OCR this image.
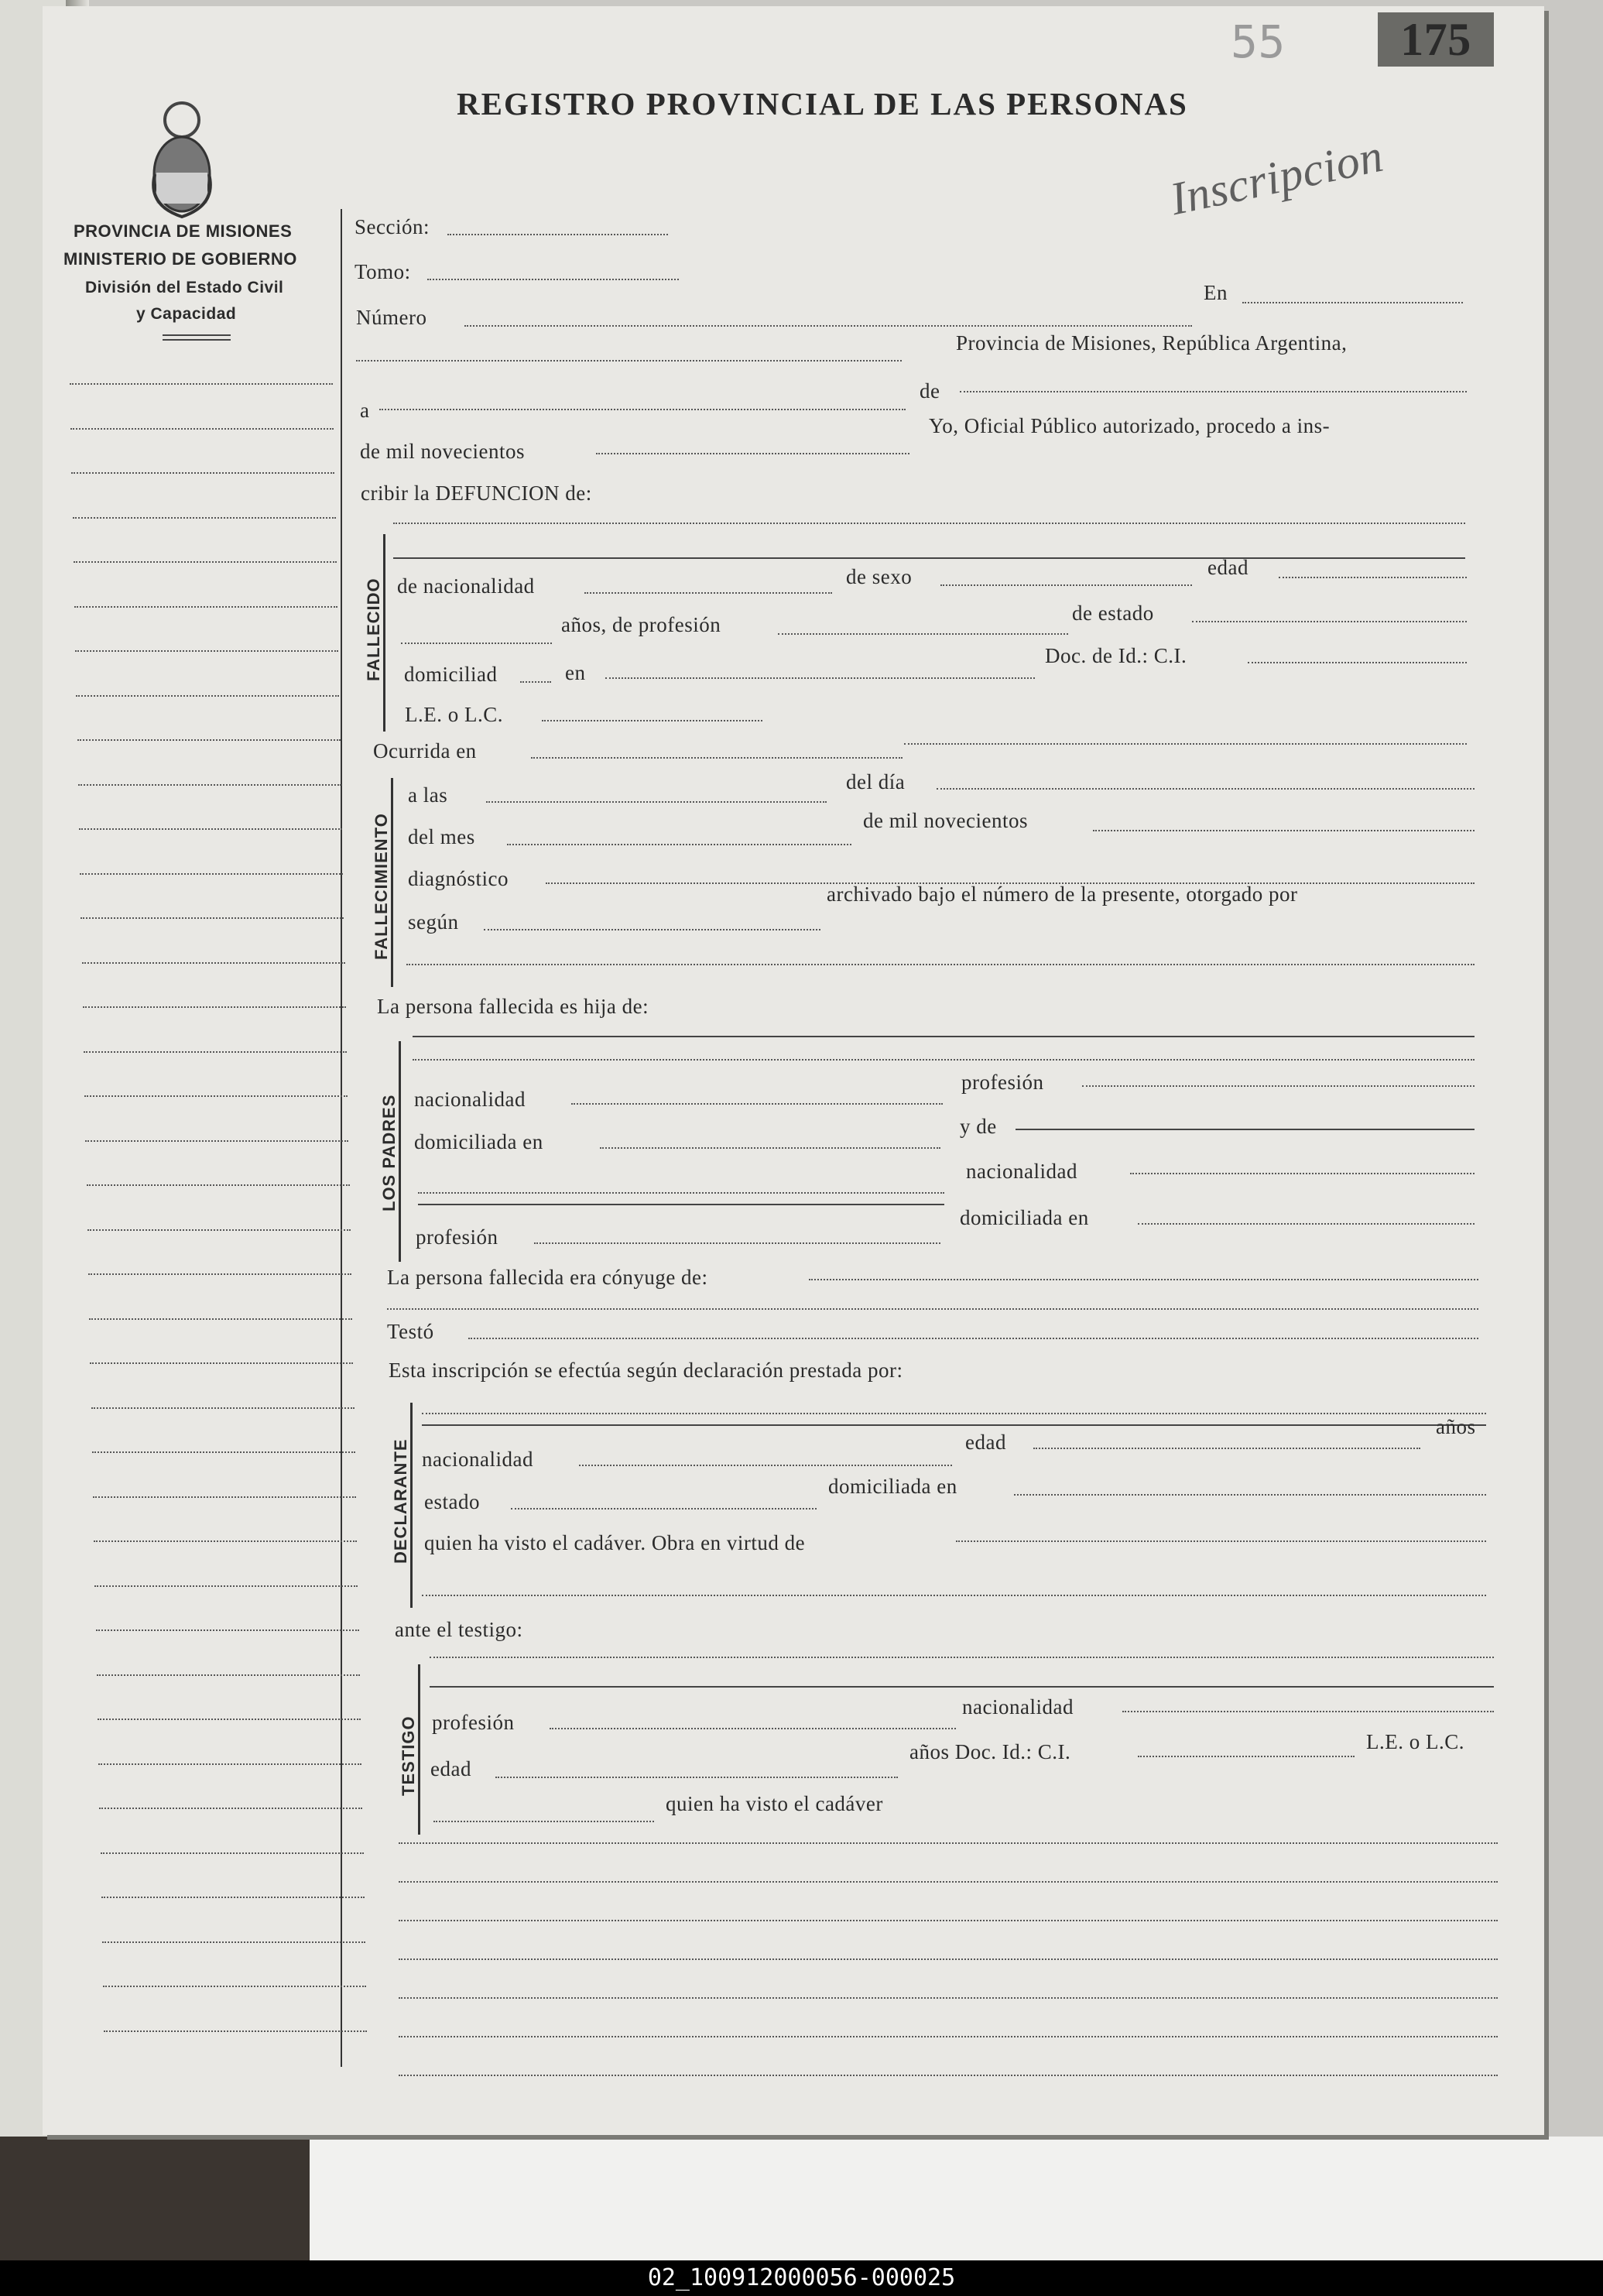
REGISTRO PROVINCIAL DE LAS PERSONAS
55	175
Inscripcion
PROVINCIA DE MISIONES
MINISTERIO DE GOBIERNO
División del Estado Civil
y Capacidad
Sección:
Tomo:
Número
En
Provincia de Misiones, República Argentina,
a
de
de mil novecientos
Yo, Oficial Público autorizado, procedo a ins-
cribir la DEFUNCION de:
FALLECIDO de nacionalidad	de sexo	edad
años, de profesión	de estado
domiciliad	en
Doc. de Id.: C.I.
L.E. o L.C.
Ocurrida en
FALLECIMIENTO
a las
del día
del mes
de mil novecientos
diagnóstico
según
archivado bajo el número de la presente, otorgado por
La persona fallecida es hija de:
LOS PADRES nacionalidad
profesión
domiciliada en
y de
nacionalidad
profesión
domiciliada en
La persona fallecida era cónyuge de:
Testó
Esta inscripción se efectúa según declaración prestada por:
DECLARANTE
años
nacionalidad
edad
estado
domiciliada en
quien ha visto el cadáver. Obra en virtud de
ante el testigo:
TESTIGO profesión
nacionalidad
edad
años Doc. Id.: C.I.	L.E. o L.C.
quien ha visto el cadáver
02_100912000056-000025
